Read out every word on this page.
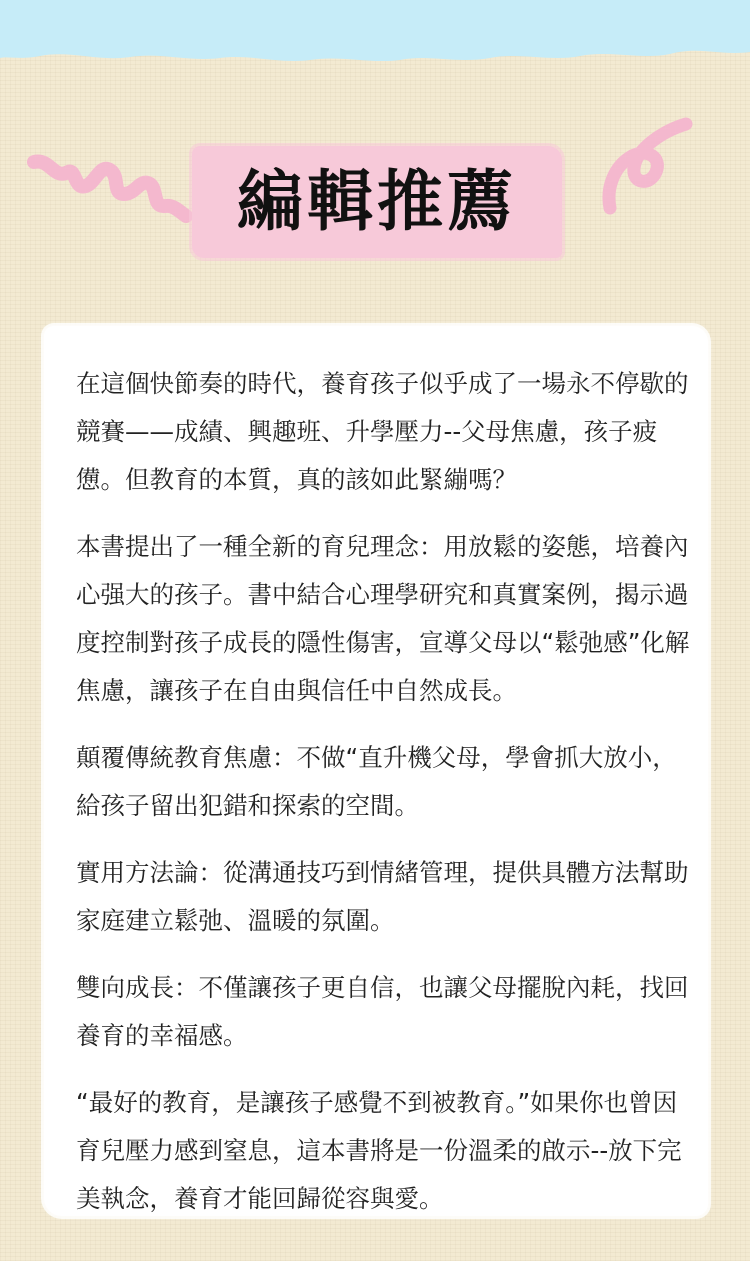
編輯推薦

在這個快節奏的時代，養育孩子似乎成了一場永不停歇的競賽——成績、興趣班、升學壓力--父母焦慮，孩子疲憊。但教育的本質，真的該如此緊繃嗎？

本書提出了一種全新的育兒理念：用放鬆的姿態，培養內心强大的孩子。書中結合心理學研究和真實案例，揭示過度控制對孩子成長的隱性傷害，宣導父母以“鬆弛感”化解焦慮，讓孩子在自由與信任中自然成長。

顛覆傳統教育焦慮：不做“直升機父母，學會抓大放小，給孩子留出犯錯和探索的空間。

實用方法論：從溝通技巧到情緒管理，提供具體方法幫助家庭建立鬆弛、溫暖的氛圍。

雙向成長：不僅讓孩子更自信，也讓父母擺脫內耗，找回養育的幸福感。

“最好的教育，是讓孩子感覺不到被教育。”如果你也曾因育兒壓力感到窒息，這本書將是一份溫柔的啟示--放下完美執念，養育才能回歸從容與愛。
